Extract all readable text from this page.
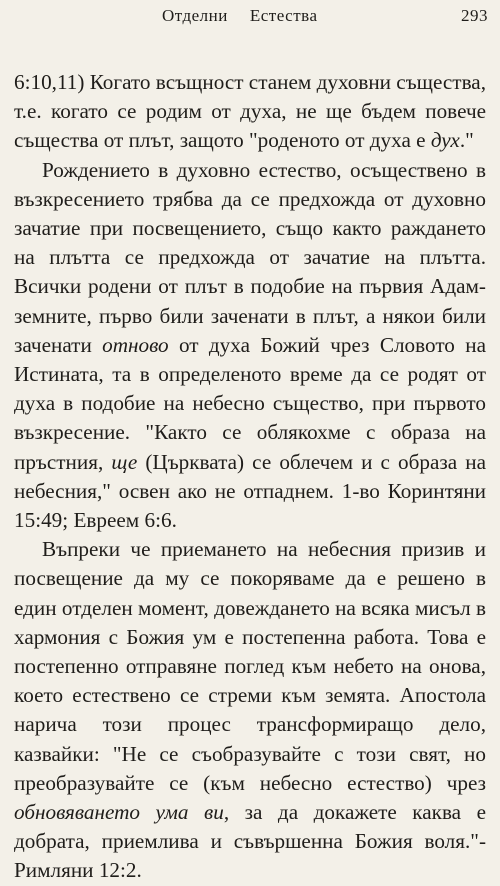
Отделни Естества	293

6:10,11) Когато всъщност станем духовни същества, т.е. когато се родим от духа, не ще бъдем повече същества от плът, защото "роденото от духа е дух."

Рождението в духовно естество, осъществено в възкресението трябва да се предхожда от духовно зачатие при посвещението, също както раждането на плътта се предхожда от зачатие на плътта. Всички родени от плът в подобие на първия Адам-земните, първо били заченати в плът, а някои били заченати отново от духа Божий чрез Словото на Истината, та в определеното време да се родят от духа в подобие на небесно същество, при първото възкресение. "Както се облякохме с образа на пръстния, ще (Църквата) се облечем и с образа на небесния," освен ако не отпаднем. 1-во Коринтяни 15:49; Евреем 6:6.

Въпреки че приемането на небесния призив и посвещение да му се покоряваме да е решено в един отделен момент, довеждането на всяка мисъл в хармония с Божия ум е постепенна работа. Това е постепенно отправяне поглед към небето на онова, което естествено се стреми към земята. Апостола нарича този процес трансформиращо дело, казвайки: "Не се съобразувайте с този свят, но преобразувайте се (към небесно естество) чрез обновяването ума ви, за да докажете каква е добрата, приемлива и съвършенна Божия воля."- Римляни 12:2.
